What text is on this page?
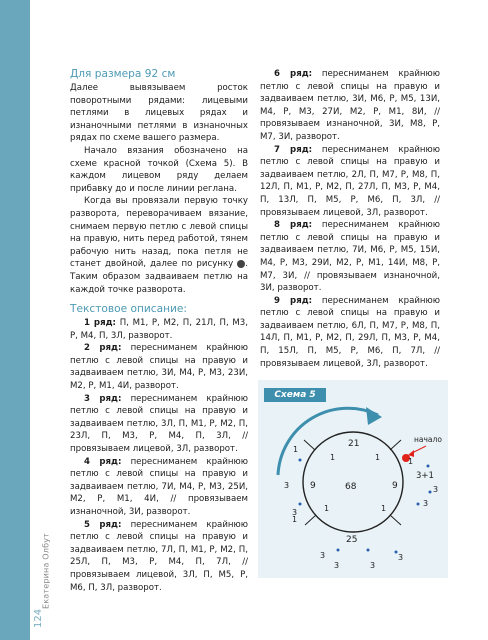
Екатерина Олбут
124
Для размера 92 см

Далее вывязываем росток поворотными рядами: лицевыми петлями в лицевых рядах и изнаночными петлями в изнаночных рядах по схеме вашего размера.

Начало вязания обозначено на схеме красной точкой (Схема 5). В каждом лицевом ряду делаем прибавку до и после линии реглана.

Когда вы провязали первую точку разворота, переворачиваем вязание, снимаем первую петлю с левой спицы на правую, нить перед работой, тянем рабочую нить назад, пока петля не станет двойной, далее по рисунку	3. Таким образом задваиваем петлю на каждой точке разворота.

Текстовое описание:

1 ряд: П, М1, Р, М2, П, 21Л, П, М3, Р, М4, П, 3Л, разворот.

2 ряд: пересниманем крайнюю петлю с левой спицы на правую и задваиваем петлю, 3И, М4, Р, М3, 23И, М2, Р, М1, 4И, разворот.

3 ряд: пересниманем крайнюю петлю с левой спицы на правую и задваиваем петлю, 3Л, П, М1, Р, М2, П, 23Л, П, М3, Р, М4, П, 3Л, // провязываем лицевой, 3Л, разворот.

4 ряд: пересниманем крайнюю петлю с левой спицы на правую и задваиваем петлю, 7И, М4, Р, М3, 25И, М2, Р, М1, 4И, // провязываем изнаночной, 3И, разворот.

5 ряд: пересниманем крайнюю петлю с левой спицы на правую и задваиваем петлю, 7Л, П, М1, Р, М2, П, 25Л, П, М3, Р, М4, П, 7Л, // провязываем лицевой, 3Л, П, М5, Р, М6, П, 3Л, разворот.

6 ряд: пересниманем крайнюю петлю с левой спицы на правую и задваиваем петлю, 3И, М6, Р, М5, 13И, М4, Р, М3, 27И, М2, Р, М1, 8И, // провязываем изнаночной, 3И, М8, Р, М7, 3И, разворот.

7 ряд: пересниманем крайнюю петлю с левой спицы на правую и задваиваем петлю, 2Л, П, М7, Р, М8, П, 12Л, П, М1, Р, М2, П, 27Л, П, М3, Р, М4, П, 13Л, П, М5, Р, М6, П, 3Л, // провязываем лицевой, 3Л, разворот.

8 ряд: пересниманем крайнюю петлю с левой спицы на правую и задваиваем петлю, 7И, М6, Р, М5, 15И, М4, Р, М3, 29И, М2, Р, М1, 14И, М8, Р, М7, 3И, // провязываем изнаночной, 3И, разворот.

9 ряд: пересниманем крайнюю петлю с левой спицы на правую и задваиваем петлю, 6Л, П, М7, Р, М8, П, 14Л, П, М1, Р, М2, П, 29Л, П, М3, Р, М4, П, 15Л, П, М5, Р, М6, П, 7Л, // провязываем лицевой, 3Л, разворот.

Схема 5
21
68
25
9	9
3+1
начало
1	1
1	1
1
1
1
3
3
3
3
3
3	3
3
